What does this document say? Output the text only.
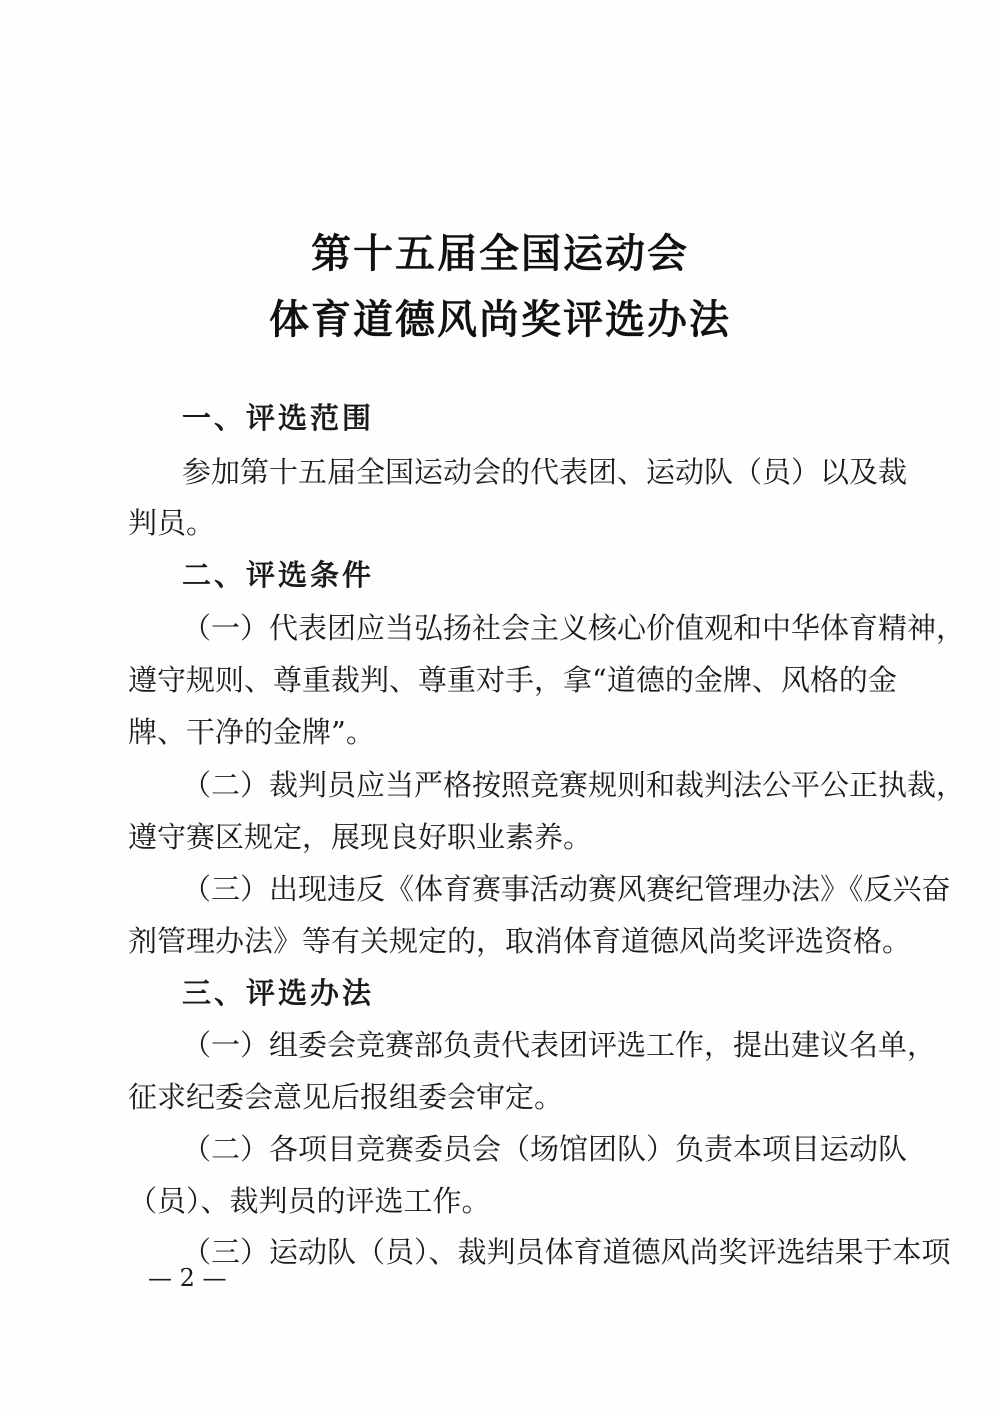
第十五届全国运动会
体育道德风尚奖评选办法
一、评选范围
参加第十五届全国运动会的代表团、运动队（员）以及裁
判员。
二、评选条件
（一）代表团应当弘扬社会主义核心价值观和中华体育精神，
遵守规则、尊重裁判、尊重对手，拿“道德的金牌、风格的金
牌、干净的金牌”。
（二）裁判员应当严格按照竞赛规则和裁判法公平公正执裁，
遵守赛区规定，展现良好职业素养。
（三）出现违反《体育赛事活动赛风赛纪管理办法》《反兴奋
剂管理办法》等有关规定的，取消体育道德风尚奖评选资格。
三、评选办法
（一）组委会竞赛部负责代表团评选工作，提出建议名单，
征求纪委会意见后报组委会审定。
（二）各项目竞赛委员会（场馆团队）负责本项目运动队
（员）、裁判员的评选工作。
（三）运动队（员）、裁判员体育道德风尚奖评选结果于本项
— 2 —
